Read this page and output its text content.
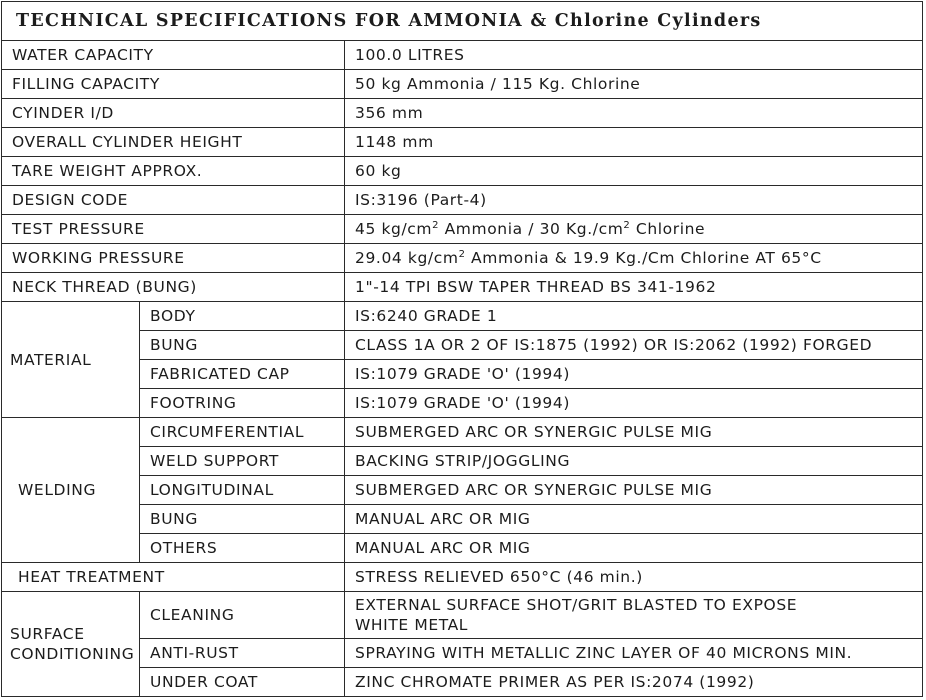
TECHNICAL SPECIFICATIONS FOR AMMONIA & Chlorine Cylinders		
WATER CAPACITY		100.0 LITRES
FILLING CAPACITY		50 kg Ammonia / 115 Kg. Chlorine
CYINDER I/D		356 mm
OVERALL CYLINDER HEIGHT		1148 mm
TARE WEIGHT APPROX.		60 kg
DESIGN CODE		IS:3196 (Part-4)
TEST PRESSURE		45 $kg/cm^2$ Ammonia / 30 $Kg./cm^2$ Chlorine
WORKING PRESSURE		29.04 $kg/cm^2$ Ammonia & 19.9 Kg./Cm Chlorine AT 65°C
NECK THREAD (BUNG)		1"-14 TPI BSW TAPER THREAD BS 341-1962
MATERIAL	BODY	IS:6240 GRADE 1
	BUNG	CLASS 1A OR 2 OF IS:1875 (1992) OR IS:2062 (1992) FORGED
	FABRICATED CAP	IS:1079 GRADE 'O' (1994)
	FOOTRING	IS:1079 GRADE 'O' (1994)
WELDING	CIRCUMFERENTIAL	SUBMERGED ARC OR SYNERGIC PULSE MIG
	WELD SUPPORT	BACKING STRIP/JOGGLING
	LONGITUDINAL	SUBMERGED ARC OR SYNERGIC PULSE MIG
	BUNG	MANUAL ARC OR MIG
	OTHERS	MANUAL ARC OR MIG
HEAT TREATMENT		STRESS RELIEVED 650°C (46 min.)
SURFACE
CONDITIONING	CLEANING	EXTERNAL SURFACE SHOT/GRIT BLASTED TO EXPOSE
WHITE METAL
	ANTI-RUST	SPRAYING WITH METALLIC ZINC LAYER OF 40 MICRONS MIN.
	UNDER COAT	ZINC CHROMATE PRIMER AS PER IS:2074 (1992)
